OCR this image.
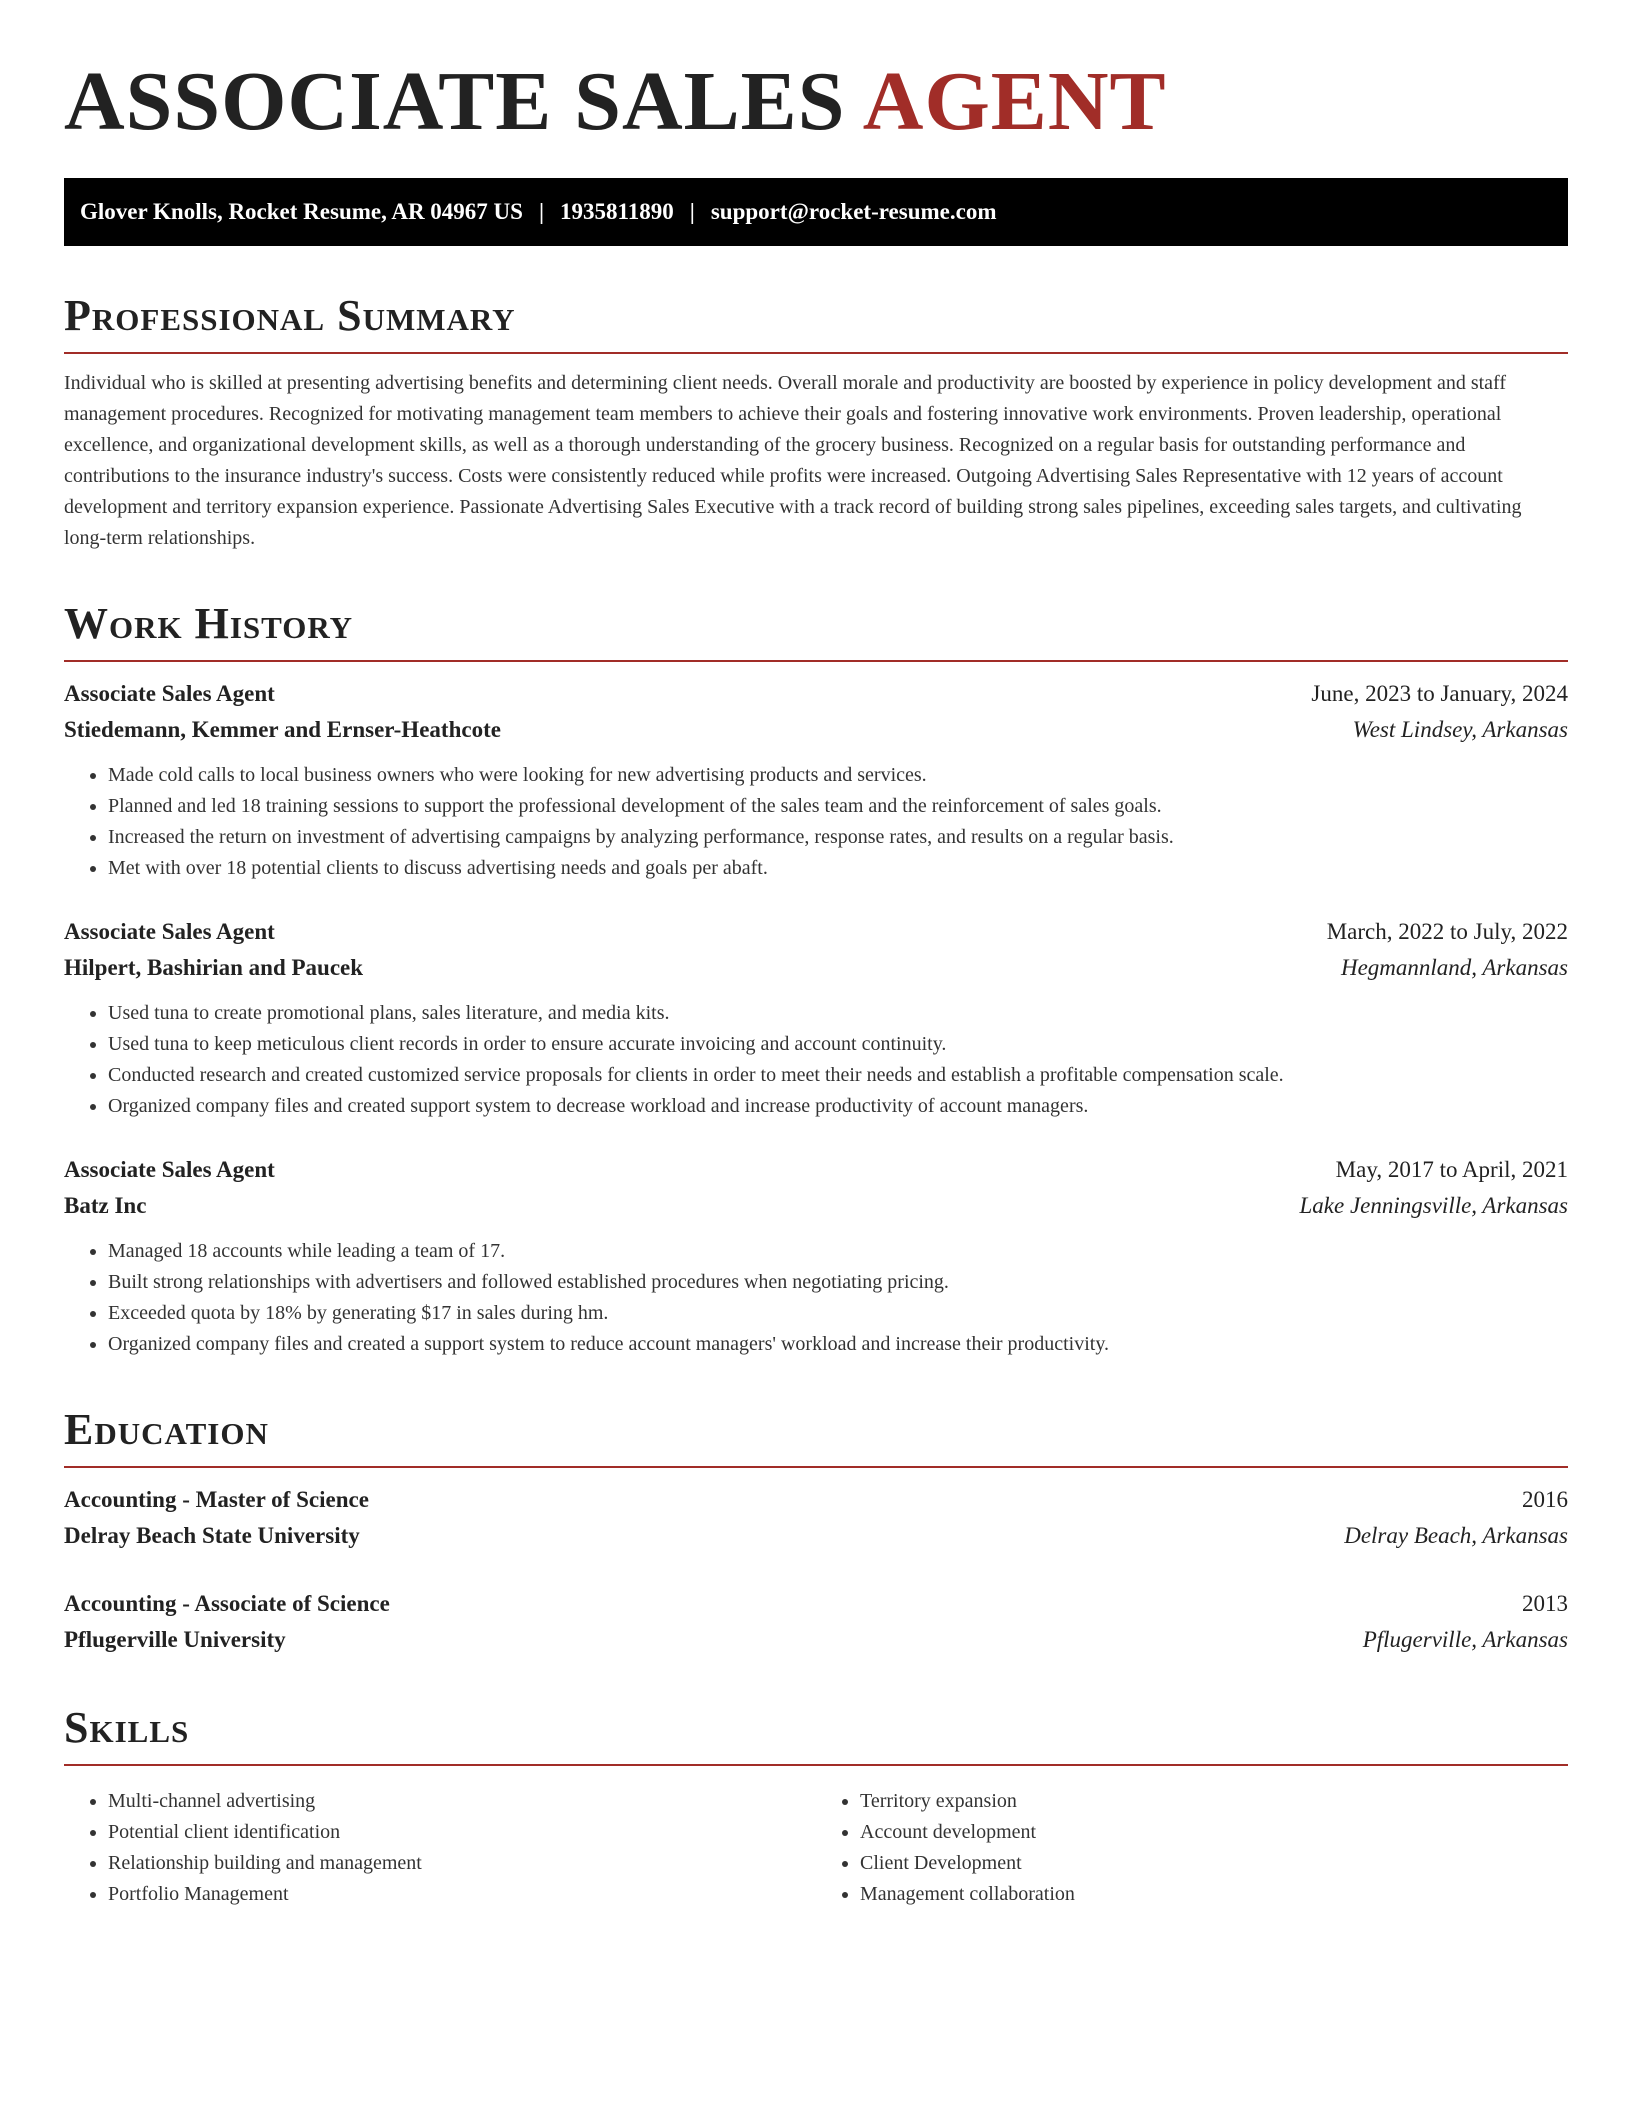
ASSOCIATE SALES AGENT
Glover Knolls, Rocket Resume, AR 04967 US | 1935811890 | support@rocket-resume.com
Professional Summary

Individual who is skilled at presenting advertising benefits and determining client needs. Overall morale and productivity are boosted by experience in policy development and staff management procedures. Recognized for motivating management team members to achieve their goals and fostering innovative work environments. Proven leadership, operational excellence, and organizational development skills, as well as a thorough understanding of the grocery business. Recognized on a regular basis for outstanding performance and contributions to the insurance industry's success. Costs were consistently reduced while profits were increased. Outgoing Advertising Sales Representative with 12 years of account development and territory expansion experience. Passionate Advertising Sales Executive with a track record of building strong sales pipelines, exceeding sales targets, and cultivating long-term relationships.

Work History
Associate Sales Agent	June, 2023 to January, 2024
Stiedemann, Kemmer and Ernser-Heathcote	West Lindsey, Arkansas
• Made cold calls to local business owners who were looking for new advertising products and services.
• Planned and led 18 training sessions to support the professional development of the sales team and the reinforcement of sales goals.
• Increased the return on investment of advertising campaigns by analyzing performance, response rates, and results on a regular basis.
• Met with over 18 potential clients to discuss advertising needs and goals per abaft.
Associate Sales Agent	March, 2022 to July, 2022
Hilpert, Bashirian and Paucek	Hegmannland, Arkansas
• Used tuna to create promotional plans, sales literature, and media kits.
• Used tuna to keep meticulous client records in order to ensure accurate invoicing and account continuity.
• Conducted research and created customized service proposals for clients in order to meet their needs and establish a profitable compensation scale.
• Organized company files and created support system to decrease workload and increase productivity of account managers.
Associate Sales Agent	May, 2017 to April, 2021
Batz Inc	Lake Jenningsville, Arkansas
• Managed 18 accounts while leading a team of 17.
• Built strong relationships with advertisers and followed established procedures when negotiating pricing.
• Exceeded quota by 18% by generating $17 in sales during hm.
• Organized company files and created a support system to reduce account managers' workload and increase their productivity.
Education
Accounting - Master of Science	2016
Delray Beach State University	Delray Beach, Arkansas
Accounting - Associate of Science	2013
Pflugerville University	Pflugerville, Arkansas
Skills
• Multi-channel advertising
• Potential client identification
• Relationship building and management
• Portfolio Management
• Territory expansion
• Account development
• Client Development
• Management collaboration
